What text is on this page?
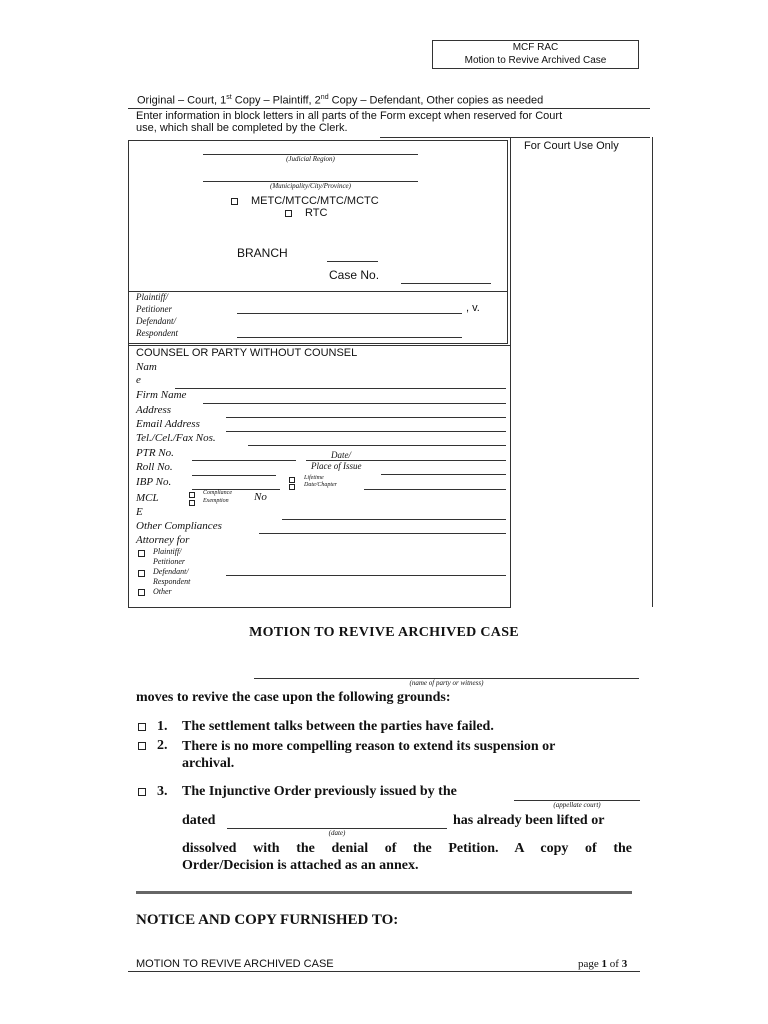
MCF RAC
Motion to Revive Archived Case
Original – Court, 1st Copy – Plaintiff, 2nd Copy – Defendant, Other copies as needed
Enter information in block letters in all parts of the Form except when reserved for Court
use, which shall be completed by the Clerk.
For Court Use Only
(Judicial Region)
(Municipality/City/Province)
METC/MTCC/MTC/MCTC
RTC
BRANCH
Case No.
Plaintiff/
Petitioner	, v.
Defendant/
Respondent
COUNSEL OR PARTY WITHOUT COUNSEL
Nam
e
Firm Name
Address
Email Address
Tel./Cel./Fax Nos.
PTR No.
Roll No.
IBP No.
Date/
Place of Issue
Lifetime
Date/Chapter
MCL
E
Compliance
Exemption No
Other Compliances
Attorney for
Plaintiff/
Petitioner
Defendant/
Respondent
Other
MOTION TO REVIVE ARCHIVED CASE
(name of party or witness)
moves to revive the case upon the following grounds:
1. The settlement talks between the parties have failed.
2. There is no more compelling reason to extend its suspension or
archival.
3. The Injunctive Order previously issued by the
(appellate court)
dated
(date)
has already been lifted or
dissolved with the denial of the Petition. A copy of the
Order/Decision is attached as an annex.
NOTICE AND COPY FURNISHED TO:
MOTION TO REVIVE ARCHIVED CASE	page 1 of 3
